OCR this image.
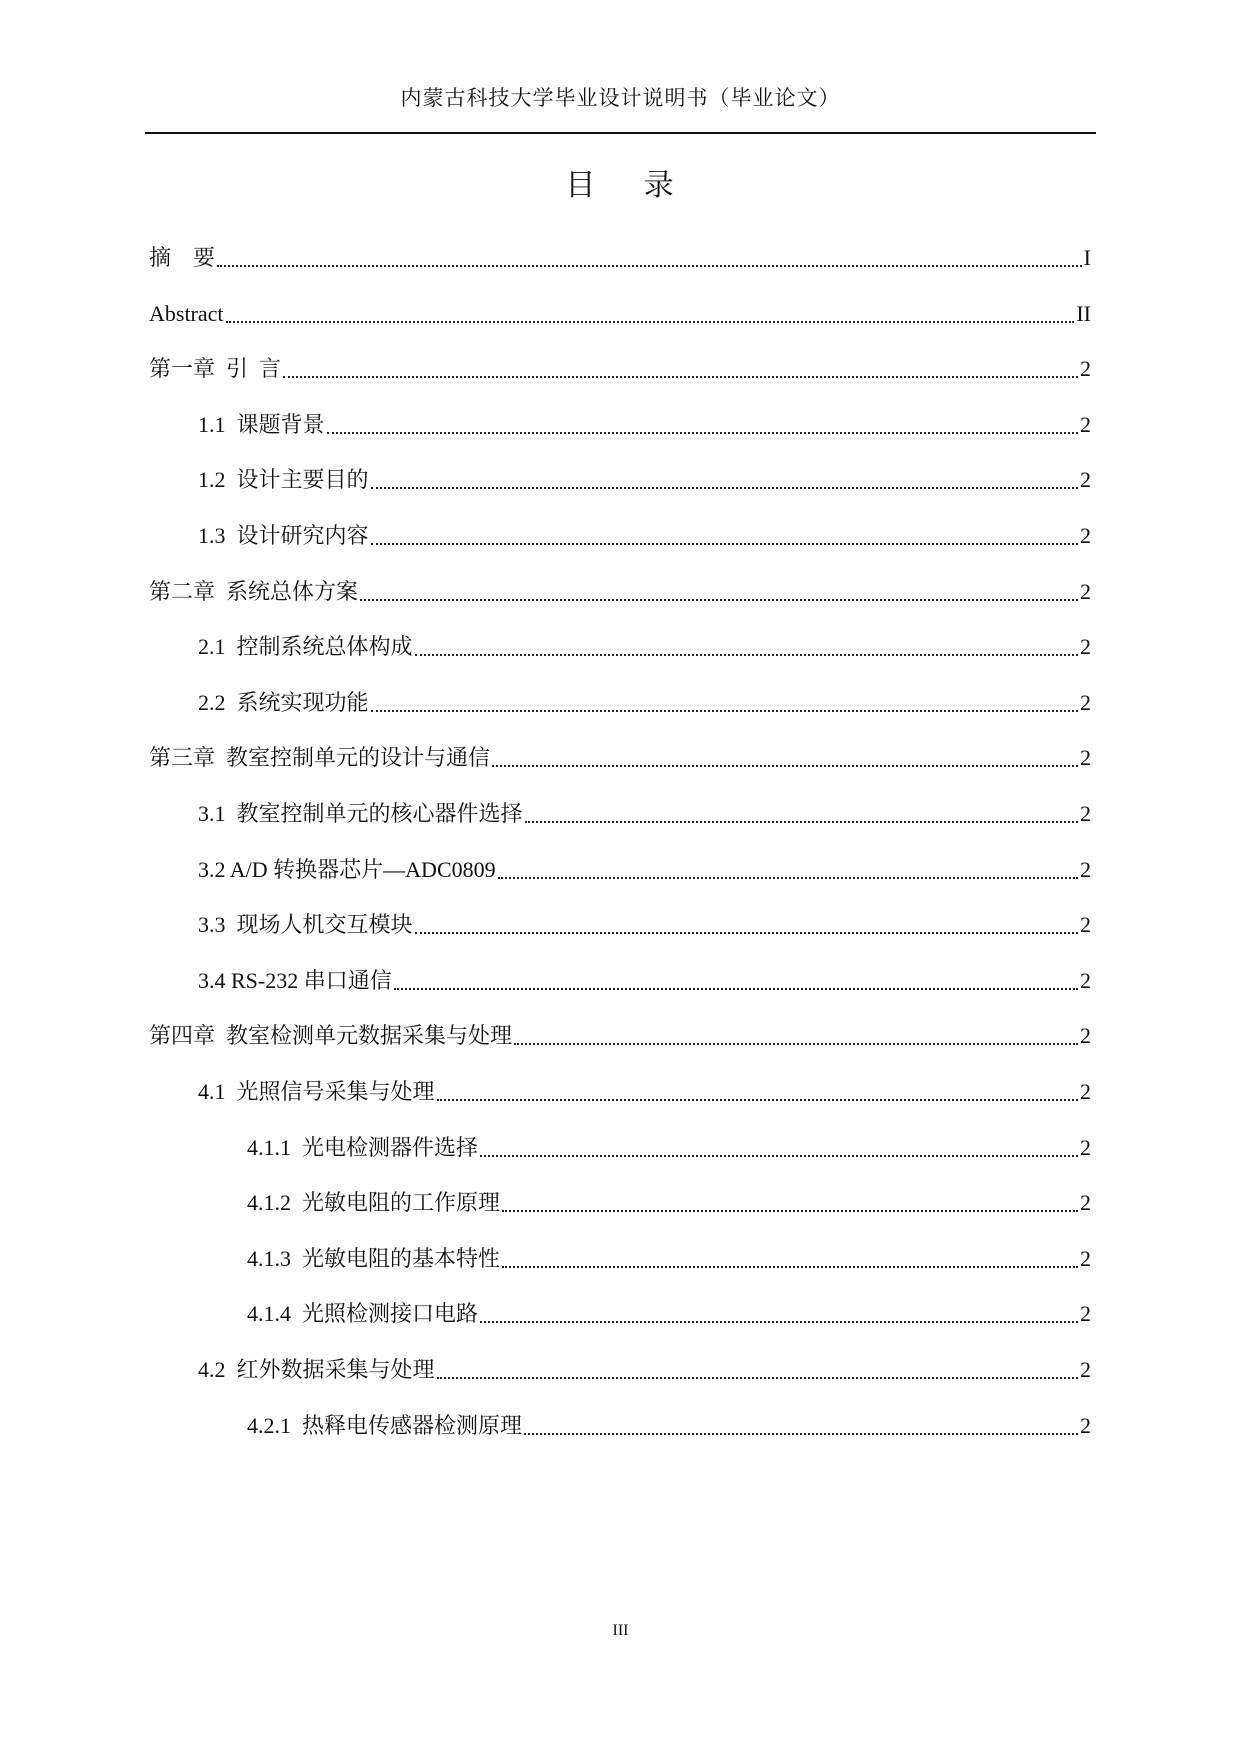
内蒙古科技大学毕业设计说明书（毕业论文）
目    录
摘    要	I
Abstract	II
第一章  引  言	2
1.1  课题背景	2
1.2  设计主要目的	2
1.3  设计研究内容	2
第二章  系统总体方案	2
2.1  控制系统总体构成	2
2.2  系统实现功能	2
第三章  教室控制单元的设计与通信	2
3.1  教室控制单元的核心器件选择	2
3.2 A/D 转换器芯片—ADC0809	2
3.3  现场人机交互模块	2
3.4 RS-232 串口通信	2
第四章  教室检测单元数据采集与处理	2
4.1  光照信号采集与处理	2
4.1.1  光电检测器件选择	2
4.1.2  光敏电阻的工作原理	2
4.1.3  光敏电阻的基本特性	2
4.1.4  光照检测接口电路	2
4.2  红外数据采集与处理	2
4.2.1  热释电传感器检测原理	2
III
